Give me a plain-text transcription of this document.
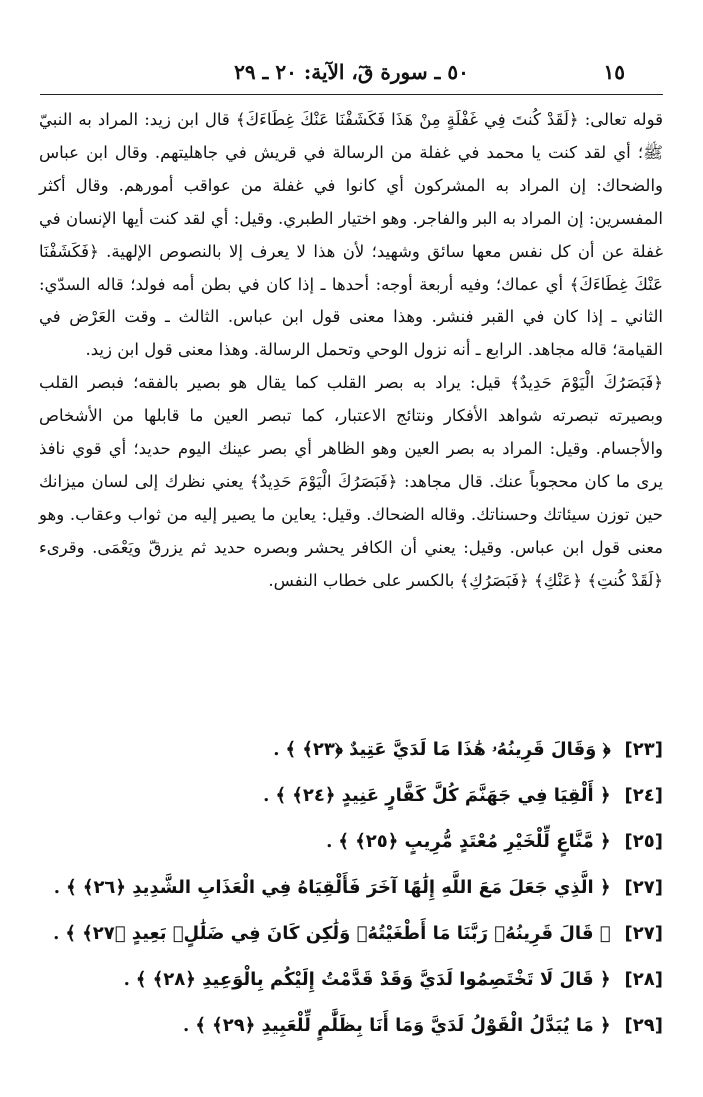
٥٠ ـ سورة قٓ، الآية: ٢٠ ـ ٢٩	١٥

قوله تعالى: ﴿لَقَدْ كُنتَ فِي غَفْلَةٍ مِنْ هَذَا فَكَشَفْنَا عَنْكَ غِطَاءَكَ﴾ قال ابن زيد: المراد به النبيّ ﷺ؛ أي لقد كنت يا محمد في غفلة من الرسالة في قريش في جاهليتهم. وقال ابن عباس والضحاك: إن المراد به المشركون أي كانوا في غفلة من عواقب أمورهم. وقال أكثر المفسرين: إن المراد به البر والفاجر. وهو اختيار الطبري. وقيل: أي لقد كنت أيها الإنسان في غفلة عن أن كل نفس معها سائق وشهيد؛ لأن هذا لا يعرف إلا بالنصوص الإلهية. ﴿فَكَشَفْنَا عَنْكَ غِطَاءَكَ﴾ أي عماك؛ وفيه أربعة أوجه: أحدها ـ إذا كان في بطن أمه فولد؛ قاله السدّي: الثاني ـ إذا كان في القبر فنشر. وهذا معنى قول ابن عباس. الثالث ـ وقت العَرْض في القيامة؛ قاله مجاهد. الرابع ـ أنه نزول الوحي وتحمل الرسالة. وهذا معنى قول ابن زيد.

﴿فَبَصَرُكَ الْيَوْمَ حَدِيدٌ﴾ قيل: يراد به بصر القلب كما يقال هو بصير بالفقه؛ فبصر القلب وبصيرته تبصرته شواهد الأفكار ونتائج الاعتبار، كما تبصر العين ما قابلها من الأشخاص والأجسام. وقيل: المراد به بصر العين وهو الظاهر أي بصر عينك اليوم حديد؛ أي قوي نافذ يرى ما كان محجوباً عنك. قال مجاهد: ﴿فَبَصَرُكَ الْيَوْمَ حَدِيدٌ﴾ يعني نظرك إلى لسان ميزانك حين توزن سيئاتك وحسناتك. وقاله الضحاك. وقيل: يعاين ما يصير إليه من ثواب وعقاب. وهو معنى قول ابن عباس. وقيل: يعني أن الكافر يحشر وبصره حديد ثم يزرقّ ويَعْمَى. وقرىء ﴿لَقَدْ كُنتِ﴾ ﴿عَنْكِ﴾ ﴿فَبَصَرُكِ﴾ بالكسر على خطاب النفس.

[٢٣]
﴿ وَقَالَ قَرِينُهُۥ هَٰذَا مَا لَدَيَّ عَتِيدٌ ﴿٢٣﴾ ﴾
.
[٢٤]
﴿ أَلْقِيَا فِي جَهَنَّمَ كُلَّ كَفَّارٍ عَنِيدٍ ﴿٢٤﴾ ﴾
.
[٢٥]
﴿ مَّنَّاعٍ لِّلْخَيْرِ مُعْتَدٍ مُّرِيبٍ ﴿٢٥﴾ ﴾
.
[٢٧]
﴿ الَّذِي جَعَلَ مَعَ اللَّهِ إِلَٰهًا آخَرَ فَأَلْقِيَاهُ فِي الْعَذَابِ الشَّدِيدِ ﴿٢٦﴾ ﴾
.
[٢٧]
﴿ قَالَ قَرِينُهُۥ رَبَّنَا مَا أَطْغَيْتُهُۥ وَلَٰكِن كَانَ فِي ضَلَٰلٍۭ بَعِيدٍ ﴿٢٧﴾ ﴾
.
[٢٨]
﴿ قَالَ لَا تَخْتَصِمُوا لَدَيَّ وَقَدْ قَدَّمْتُ إِلَيْكُم بِالْوَعِيدِ ﴿٢٨﴾ ﴾
.
[٢٩]
﴿ مَا يُبَدَّلُ الْقَوْلُ لَدَيَّ وَمَا أَنَا بِظَلَّٰمٍ لِّلْعَبِيدِ ﴿٢٩﴾ ﴾
.
